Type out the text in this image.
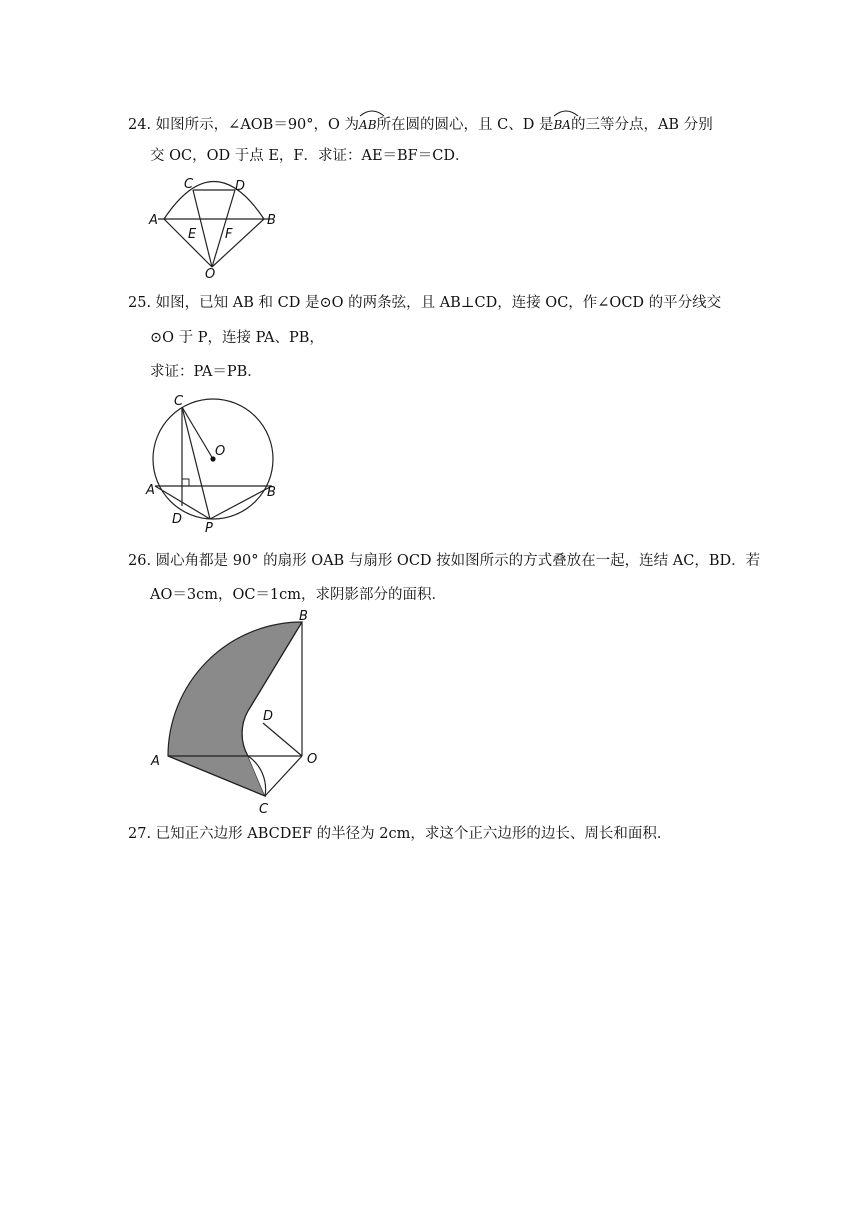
24. 如图所示，∠AOB＝90°，O 为
AB所在圆的圆心，且 C、D 是
BA的三等分点，AB 分别
交 OC，OD 于点 E，F．求证：AE＝BF＝CD．
A	B
C	D
E F
O
25. 如图，已知 AB 和 CD 是⊙O 的两条弦，且 AB⊥CD，连接 OC，作∠OCD 的平分线交
⊙O 于 P，连接 PA、PB，
求证：PA＝PB．
C
O
A	B
D
P
26. 圆心角都是 90° 的扇形 OAB 与扇形 OCD 按如图所示的方式叠放在一起，连结 AC，BD．若
AO＝3cm，OC＝1cm，求阴影部分的面积．
B
D
A	O
C
27. 已知正六边形 ABCDEF 的半径为 2cm，求这个正六边形的边长、周长和面积．
